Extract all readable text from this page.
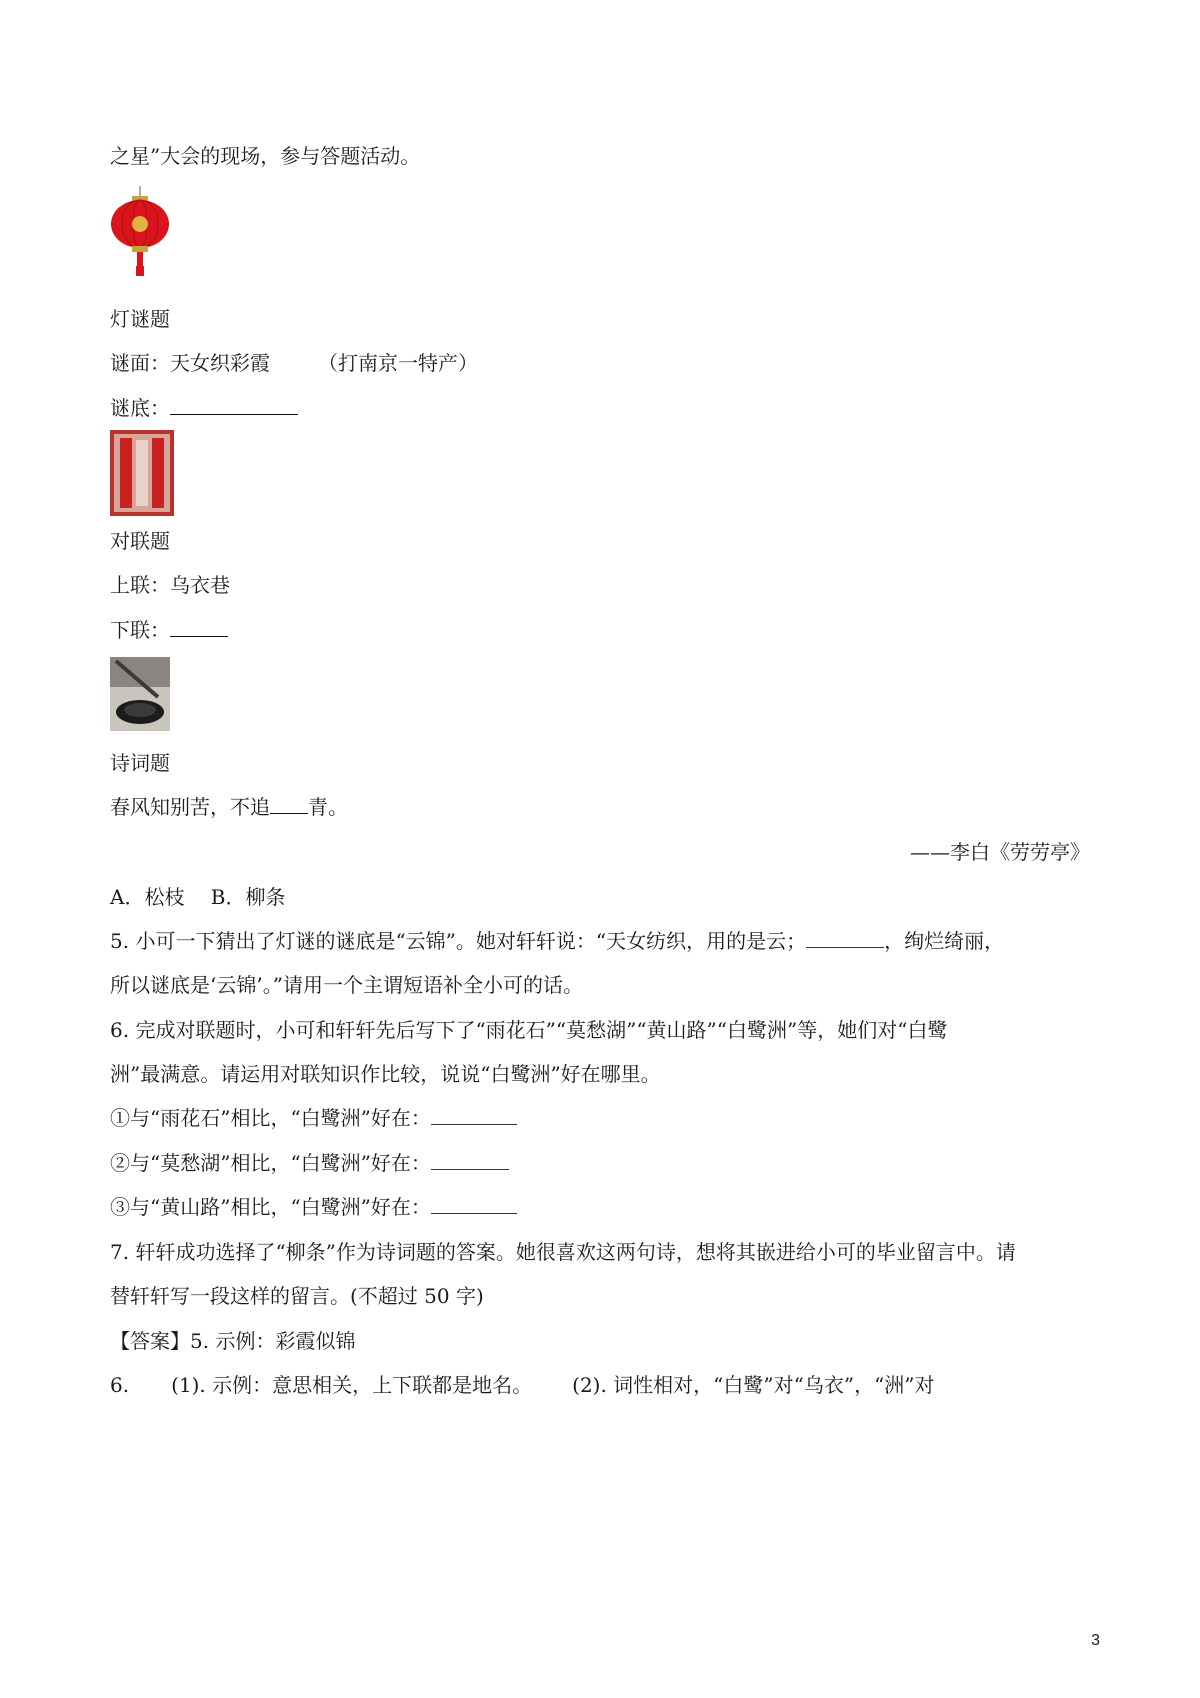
之星”大会的现场，参与答题活动。
灯谜题
谜面：天女织彩霞 （打南京一特产）
谜底：
对联题
上联：乌衣巷
下联：
诗词题
春风知别苦，不追 青。
——李白《劳劳亭》
A．松枝　 B．柳条
5. 小可一下猜出了灯谜的谜底是“云锦”。她对轩轩说：“天女纺织，用的是云；	，绚烂绮丽，
所以谜底是‘云锦’。”请用一个主谓短语补全小可的话。
6. 完成对联题时，小可和轩轩先后写下了“雨花石”“莫愁湖”“黄山路”“白鹭洲”等，她们对“白鹭
洲”最满意。请运用对联知识作比较，说说“白鹭洲”好在哪里。
①与“雨花石”相比，“白鹭洲”好在：
②与“莫愁湖”相比，“白鹭洲”好在：
③与“黄山路”相比，“白鹭洲”好在：
7. 轩轩成功选择了“柳条”作为诗词题的答案。她很喜欢这两句诗，想将其嵌进给小可的毕业留言中。请
替轩轩写一段这样的留言。(不超过 50 字)
【答案】5. 示例：彩霞似锦
6. (1). 示例：意思相关，上下联都是地名。 (2). 词性相对，“白鹭”对“乌衣”，“洲”对
3
